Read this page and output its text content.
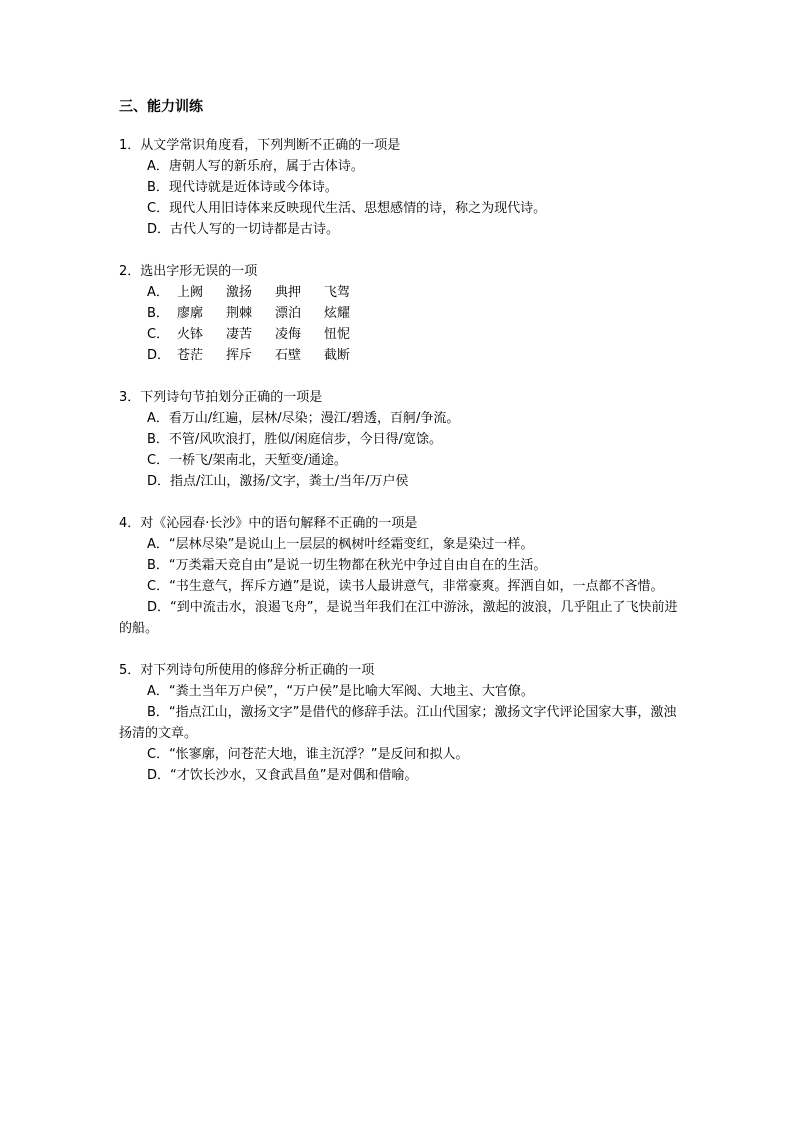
三、能力训练

1．从文学常识角度看，下列判断不正确的一项是

A．唐朝人写的新乐府，属于古体诗。

B．现代诗就是近体诗或今体诗。

C．现代人用旧诗体来反映现代生活、思想感情的诗，称之为现代诗。

D．古代人写的一切诗都是古诗。

2．选出字形无误的一项

A． 上阙	激扬	典押	飞驾
B． 廖廓	荆棘	漂泊	炫耀
C． 火钵	凄苦	凌侮	忸怩
D． 苍茫	挥斥	石壁	截断

3．下列诗句节拍划分正确的一项是

A．看万山/红遍，层林/尽染；漫江/碧透，百舸/争流。

B．不管/风吹浪打，胜似/闲庭信步，今日得/宽馀。

C．一桥飞/架南北，天堑变/通途。

D．指点/江山，激扬/文字，粪土/当年/万户侯

4．对《沁园春·长沙》中的语句解释不正确的一项是

A．“层林尽染”是说山上一层层的枫树叶经霜变红，象是染过一样。

B．“万类霜天竞自由”是说一切生物都在秋光中争过自由自在的生活。

C．“书生意气，挥斥方遒”是说，读书人最讲意气，非常豪爽。挥洒自如，一点都不吝惜。

D．“到中流击水，浪遏飞舟”，是说当年我们在江中游泳，激起的波浪，几乎阻止了飞快前进的船。

5．对下列诗句所使用的修辞分析正确的一项

A．“粪土当年万户侯”，“万户侯”是比喻大军阀、大地主、大官僚。

B．“指点江山，激扬文字”是借代的修辞手法。江山代国家；激扬文字代评论国家大事，激浊扬清的文章。

C．“怅寥廓，问苍茫大地，谁主沉浮？”是反问和拟人。

D．“才饮长沙水，又食武昌鱼”是对偶和借喻。
